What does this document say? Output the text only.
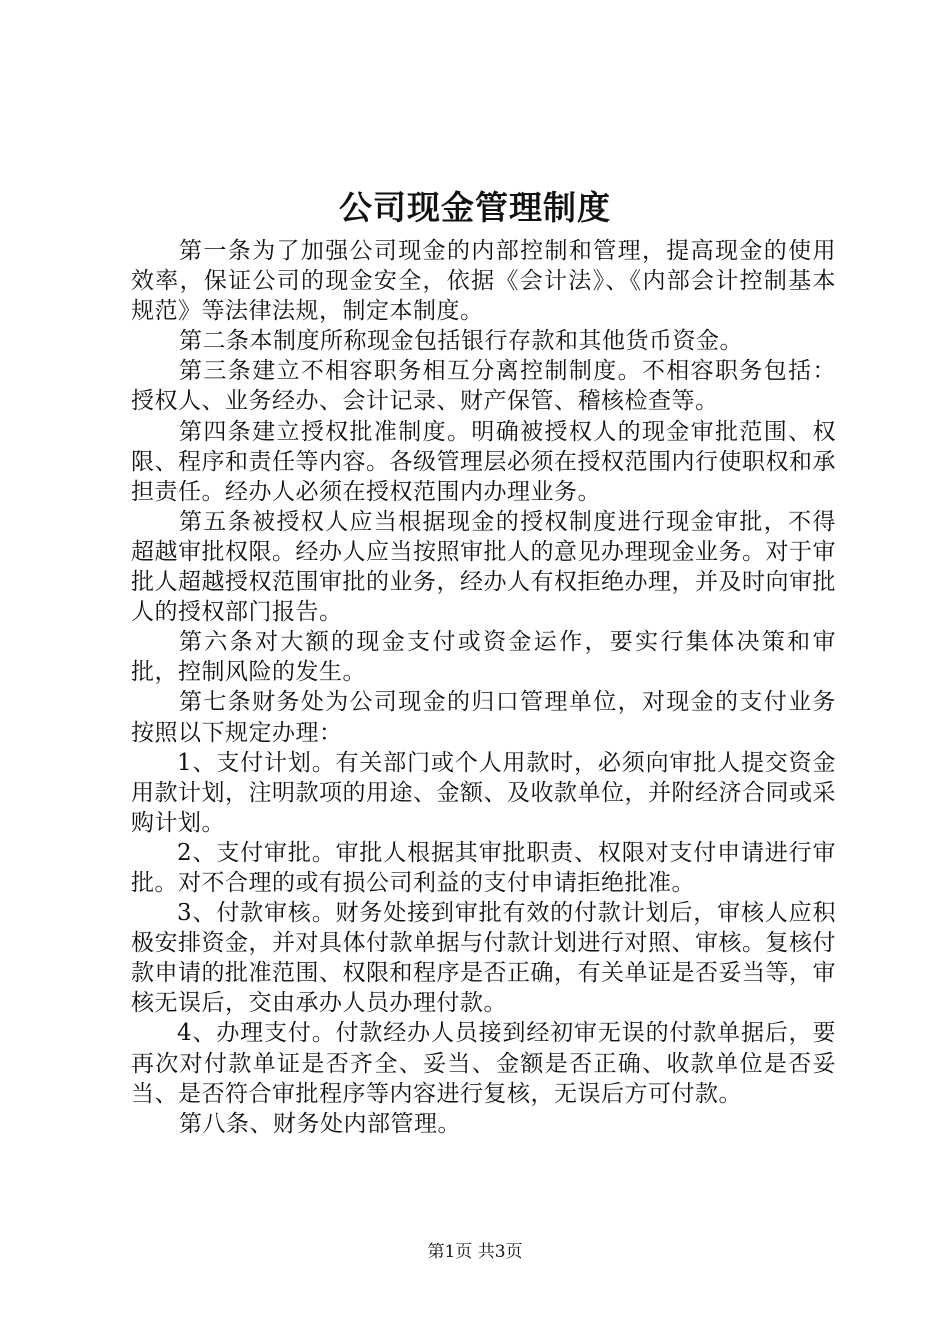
公司现金管理制度

第一条为了加强公司现金的内部控制和管理，提高现金的使用效率，保证公司的现金安全，依据《会计法》、《内部会计控制基本规范》等法律法规，制定本制度。

第二条本制度所称现金包括银行存款和其他货币资金。

第三条建立不相容职务相互分离控制制度。不相容职务包括：授权人、业务经办、会计记录、财产保管、稽核检查等。

第四条建立授权批准制度。明确被授权人的现金审批范围、权限、程序和责任等内容。各级管理层必须在授权范围内行使职权和承担责任。经办人必须在授权范围内办理业务。

第五条被授权人应当根据现金的授权制度进行现金审批，不得超越审批权限。经办人应当按照审批人的意见办理现金业务。对于审批人超越授权范围审批的业务，经办人有权拒绝办理，并及时向审批人的授权部门报告。

第六条对大额的现金支付或资金运作，要实行集体决策和审批，控制风险的发生。

第七条财务处为公司现金的归口管理单位，对现金的支付业务按照以下规定办理：

1、支付计划。有关部门或个人用款时，必须向审批人提交资金用款计划，注明款项的用途、金额、及收款单位，并附经济合同或采购计划。

2、支付审批。审批人根据其审批职责、权限对支付申请进行审批。对不合理的或有损公司利益的支付申请拒绝批准。

3、付款审核。财务处接到审批有效的付款计划后，审核人应积极安排资金，并对具体付款单据与付款计划进行对照、审核。复核付款申请的批准范围、权限和程序是否正确，有关单证是否妥当等，审核无误后，交由承办人员办理付款。

4、办理支付。付款经办人员接到经初审无误的付款单据后，要再次对付款单证是否齐全、妥当、金额是否正确、收款单位是否妥当、是否符合审批程序等内容进行复核，无误后方可付款。

第八条、财务处内部管理。

第1页 共3页
